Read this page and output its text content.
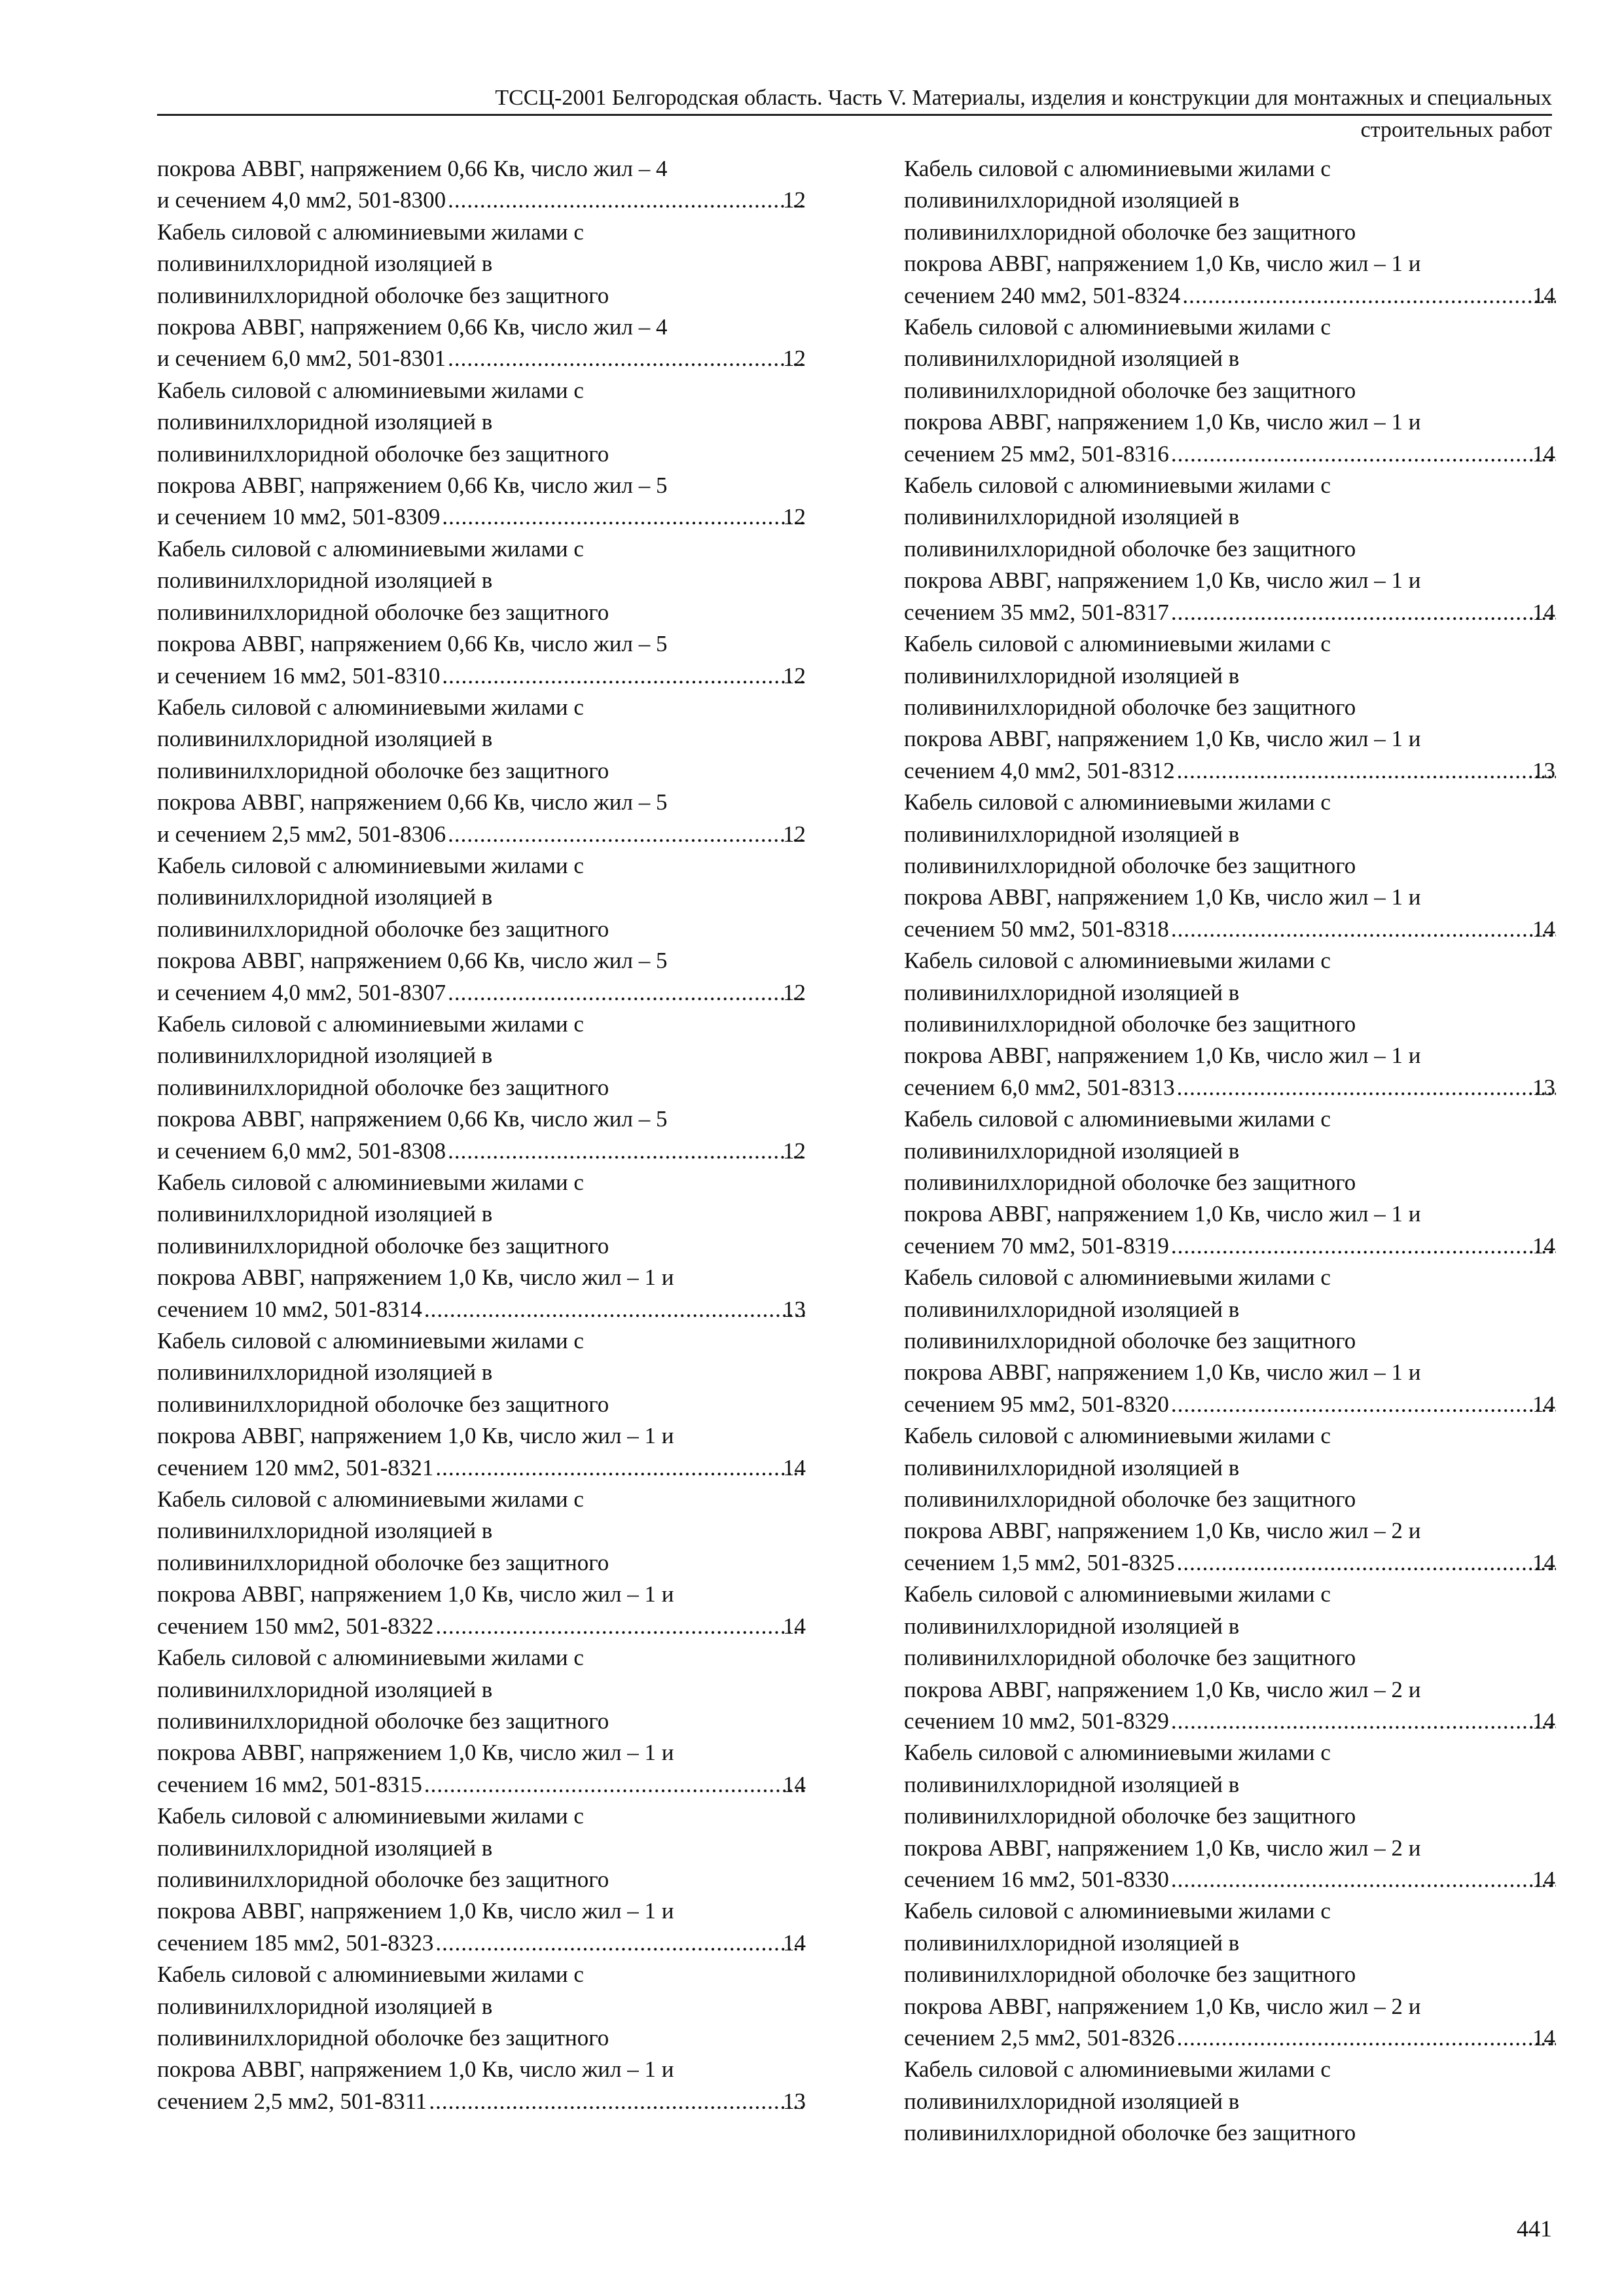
ТССЦ-2001 Белгородская область. Часть V. Материалы, изделия и конструкции для монтажных и специальных
строительных работ
покрова АВВГ, напряжением 0,66 Кв, число жил – 4
и сечением 4,0 мм2, 501-8300 .....	12
Кабель силовой с алюминиевыми жилами с
поливинилхлоридной изоляцией в
поливинилхлоридной оболочке без защитного
покрова АВВГ, напряжением 0,66 Кв, число жил – 4
и сечением 6,0 мм2, 501-8301 .....	12
Кабель силовой с алюминиевыми жилами с
поливинилхлоридной изоляцией в
поливинилхлоридной оболочке без защитного
покрова АВВГ, напряжением 0,66 Кв, число жил – 5
и сечением 10 мм2, 501-8309 .....	12
Кабель силовой с алюминиевыми жилами с
поливинилхлоридной изоляцией в
поливинилхлоридной оболочке без защитного
покрова АВВГ, напряжением 0,66 Кв, число жил – 5
и сечением 16 мм2, 501-8310 .....	12
Кабель силовой с алюминиевыми жилами с
поливинилхлоридной изоляцией в
поливинилхлоридной оболочке без защитного
покрова АВВГ, напряжением 0,66 Кв, число жил – 5
и сечением 2,5 мм2, 501-8306 .....	12
Кабель силовой с алюминиевыми жилами с
поливинилхлоридной изоляцией в
поливинилхлоридной оболочке без защитного
покрова АВВГ, напряжением 0,66 Кв, число жил – 5
и сечением 4,0 мм2, 501-8307 .....	12
Кабель силовой с алюминиевыми жилами с
поливинилхлоридной изоляцией в
поливинилхлоридной оболочке без защитного
покрова АВВГ, напряжением 0,66 Кв, число жил – 5
и сечением 6,0 мм2, 501-8308 .....	12
Кабель силовой с алюминиевыми жилами с
поливинилхлоридной изоляцией в
поливинилхлоридной оболочке без защитного
покрова АВВГ, напряжением 1,0 Кв, число жил – 1 и
сечением 10 мм2, 501-8314 .....	13
Кабель силовой с алюминиевыми жилами с
поливинилхлоридной изоляцией в
поливинилхлоридной оболочке без защитного
покрова АВВГ, напряжением 1,0 Кв, число жил – 1 и
сечением 120 мм2, 501-8321 .....	14
Кабель силовой с алюминиевыми жилами с
поливинилхлоридной изоляцией в
поливинилхлоридной оболочке без защитного
покрова АВВГ, напряжением 1,0 Кв, число жил – 1 и
сечением 150 мм2, 501-8322 .....	14
Кабель силовой с алюминиевыми жилами с
поливинилхлоридной изоляцией в
поливинилхлоридной оболочке без защитного
покрова АВВГ, напряжением 1,0 Кв, число жил – 1 и
сечением 16 мм2, 501-8315 .....	14
Кабель силовой с алюминиевыми жилами с
поливинилхлоридной изоляцией в
поливинилхлоридной оболочке без защитного
покрова АВВГ, напряжением 1,0 Кв, число жил – 1 и
сечением 185 мм2, 501-8323 .....	14
Кабель силовой с алюминиевыми жилами с
поливинилхлоридной изоляцией в
поливинилхлоридной оболочке без защитного
покрова АВВГ, напряжением 1,0 Кв, число жил – 1 и
сечением 2,5 мм2, 501-8311 .....	13
Кабель силовой с алюминиевыми жилами с
поливинилхлоридной изоляцией в
поливинилхлоридной оболочке без защитного
покрова АВВГ, напряжением 1,0 Кв, число жил – 1 и
сечением 240 мм2, 501-8324 .....	14
Кабель силовой с алюминиевыми жилами с
поливинилхлоридной изоляцией в
поливинилхлоридной оболочке без защитного
покрова АВВГ, напряжением 1,0 Кв, число жил – 1 и
сечением 25 мм2, 501-8316 .....	14
Кабель силовой с алюминиевыми жилами с
поливинилхлоридной изоляцией в
поливинилхлоридной оболочке без защитного
покрова АВВГ, напряжением 1,0 Кв, число жил – 1 и
сечением 35 мм2, 501-8317 .....	14
Кабель силовой с алюминиевыми жилами с
поливинилхлоридной изоляцией в
поливинилхлоридной оболочке без защитного
покрова АВВГ, напряжением 1,0 Кв, число жил – 1 и
сечением 4,0 мм2, 501-8312 .....	13
Кабель силовой с алюминиевыми жилами с
поливинилхлоридной изоляцией в
поливинилхлоридной оболочке без защитного
покрова АВВГ, напряжением 1,0 Кв, число жил – 1 и
сечением 50 мм2, 501-8318 .....	14
Кабель силовой с алюминиевыми жилами с
поливинилхлоридной изоляцией в
поливинилхлоридной оболочке без защитного
покрова АВВГ, напряжением 1,0 Кв, число жил – 1 и
сечением 6,0 мм2, 501-8313 .....	13
Кабель силовой с алюминиевыми жилами с
поливинилхлоридной изоляцией в
поливинилхлоридной оболочке без защитного
покрова АВВГ, напряжением 1,0 Кв, число жил – 1 и
сечением 70 мм2, 501-8319 .....	14
Кабель силовой с алюминиевыми жилами с
поливинилхлоридной изоляцией в
поливинилхлоридной оболочке без защитного
покрова АВВГ, напряжением 1,0 Кв, число жил – 1 и
сечением 95 мм2, 501-8320 .....	14
Кабель силовой с алюминиевыми жилами с
поливинилхлоридной изоляцией в
поливинилхлоридной оболочке без защитного
покрова АВВГ, напряжением 1,0 Кв, число жил – 2 и
сечением 1,5 мм2, 501-8325 .....	14
Кабель силовой с алюминиевыми жилами с
поливинилхлоридной изоляцией в
поливинилхлоридной оболочке без защитного
покрова АВВГ, напряжением 1,0 Кв, число жил – 2 и
сечением 10 мм2, 501-8329 .....	14
Кабель силовой с алюминиевыми жилами с
поливинилхлоридной изоляцией в
поливинилхлоридной оболочке без защитного
покрова АВВГ, напряжением 1,0 Кв, число жил – 2 и
сечением 16 мм2, 501-8330 .....	14
Кабель силовой с алюминиевыми жилами с
поливинилхлоридной изоляцией в
поливинилхлоридной оболочке без защитного
покрова АВВГ, напряжением 1,0 Кв, число жил – 2 и
сечением 2,5 мм2, 501-8326 .....	14
Кабель силовой с алюминиевыми жилами с
поливинилхлоридной изоляцией в
поливинилхлоридной оболочке без защитного
441
